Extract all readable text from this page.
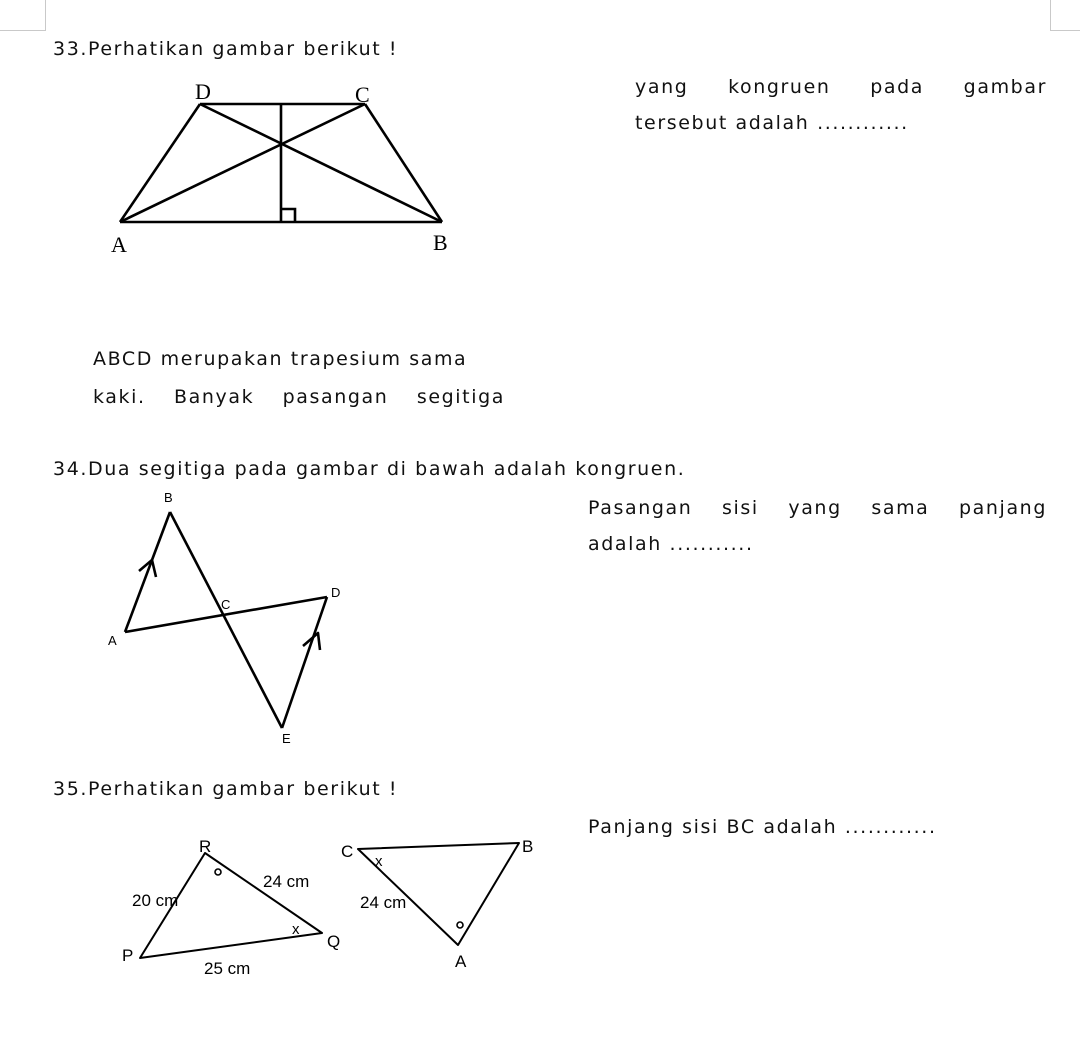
33.Perhatikan gambar berikut !
D	C
A	B
yang kongruen pada gambar
tersebut adalah ............
ABCD merupakan trapesium sama
kaki. Banyak pasangan segitiga
34.Dua segitiga pada gambar di bawah adalah kongruen.
B
C
D
A
E
Pasangan sisi yang sama panjang
adalah ...........
35.Perhatikan gambar berikut !
R
P
Q
20 cm
24 cm
25 cm
x
C	B
A
24 cm
x
Panjang sisi BC adalah ............
